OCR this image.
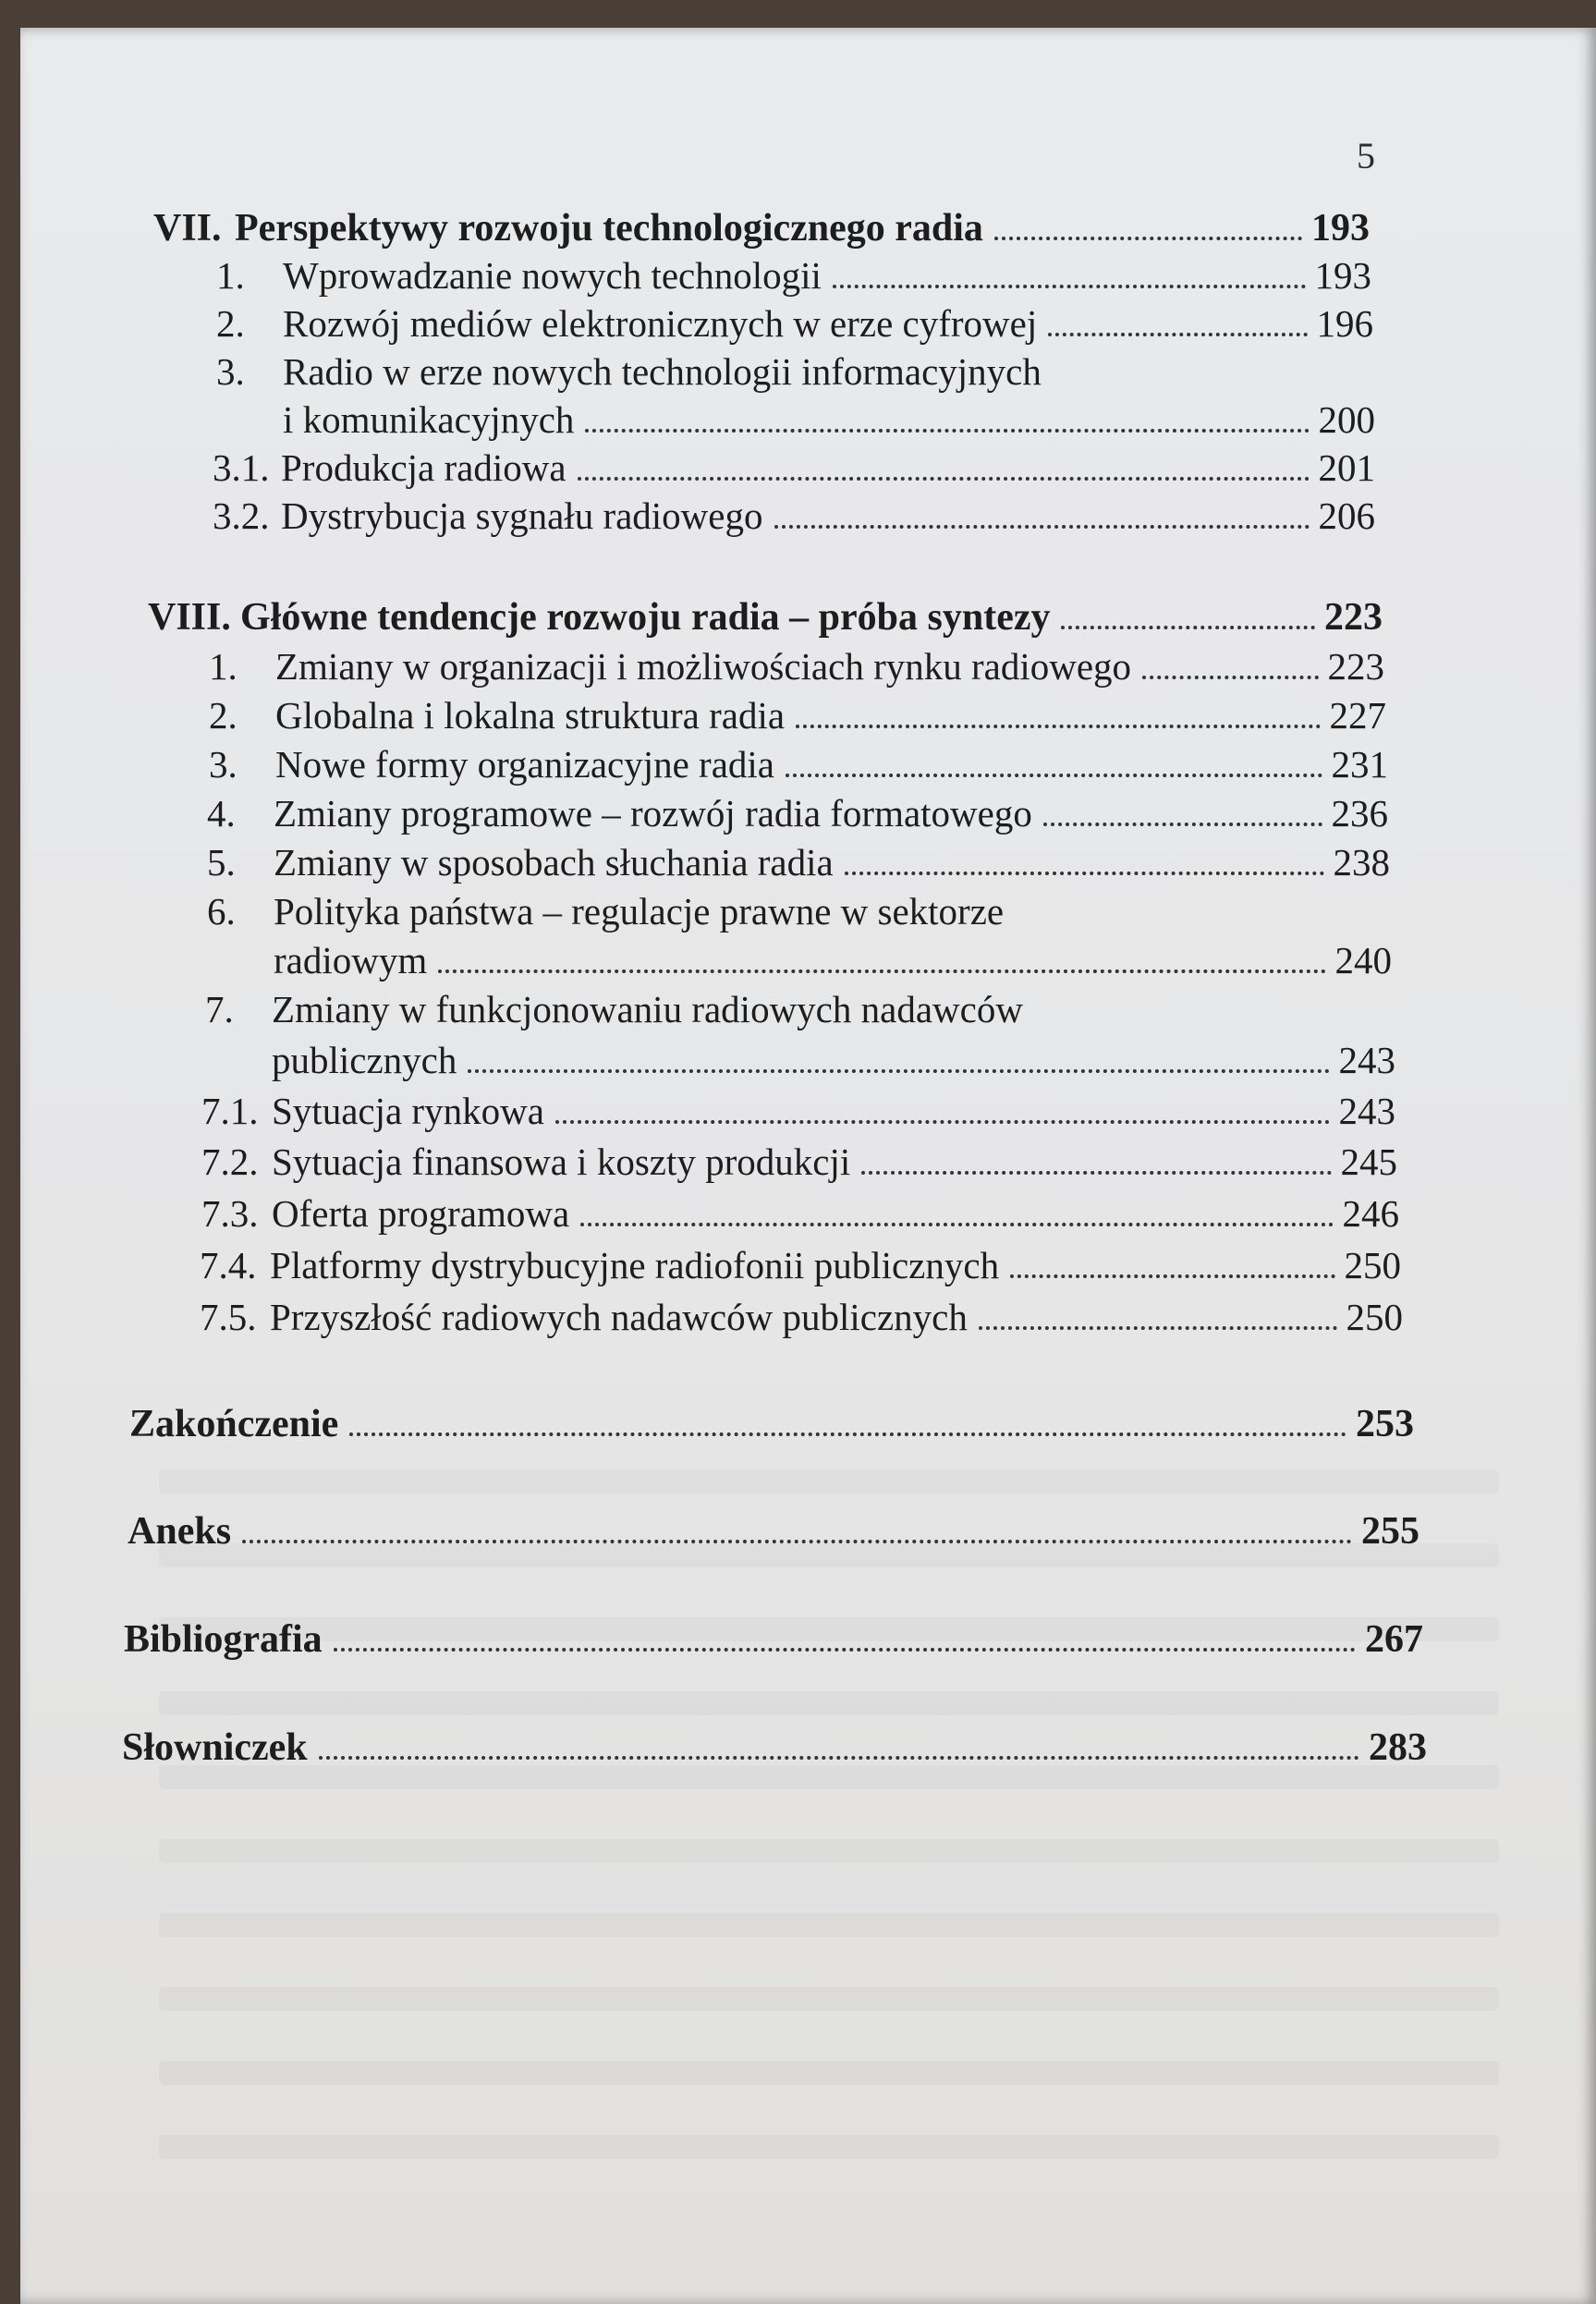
5
VII. Perspektywy rozwoju technologicznego radia	193
1.	Wprowadzanie nowych technologii	193
2.	Rozwój mediów elektronicznych w erze cyfrowej	196
3. Radio w erze nowych technologii informacyjnych
i komunikacyjnych	200
3.1. Produkcja radiowa	201
3.2. Dystrybucja sygnału radiowego	206
VIII. Główne tendencje rozwoju radia – próba syntezy	223
1.	Zmiany w organizacji i możliwościach rynku radiowego	223
2.	Globalna i lokalna struktura radia	227
3.	Nowe formy organizacyjne radia	231
4.	Zmiany programowe – rozwój radia formatowego	236
5.	Zmiany w sposobach słuchania radia	238
6. Polityka państwa – regulacje prawne w sektorze
radiowym	240
7. Zmiany w funkcjonowaniu radiowych nadawców
publicznych	243
7.1. Sytuacja rynkowa	243
7.2. Sytuacja finansowa i koszty produkcji	245
7.3. Oferta programowa	246
7.4. Platformy dystrybucyjne radiofonii publicznych	250
7.5. Przyszłość radiowych nadawców publicznych	250
Zakończenie	253
Aneks	255
Bibliografia	267
Słowniczek	283
